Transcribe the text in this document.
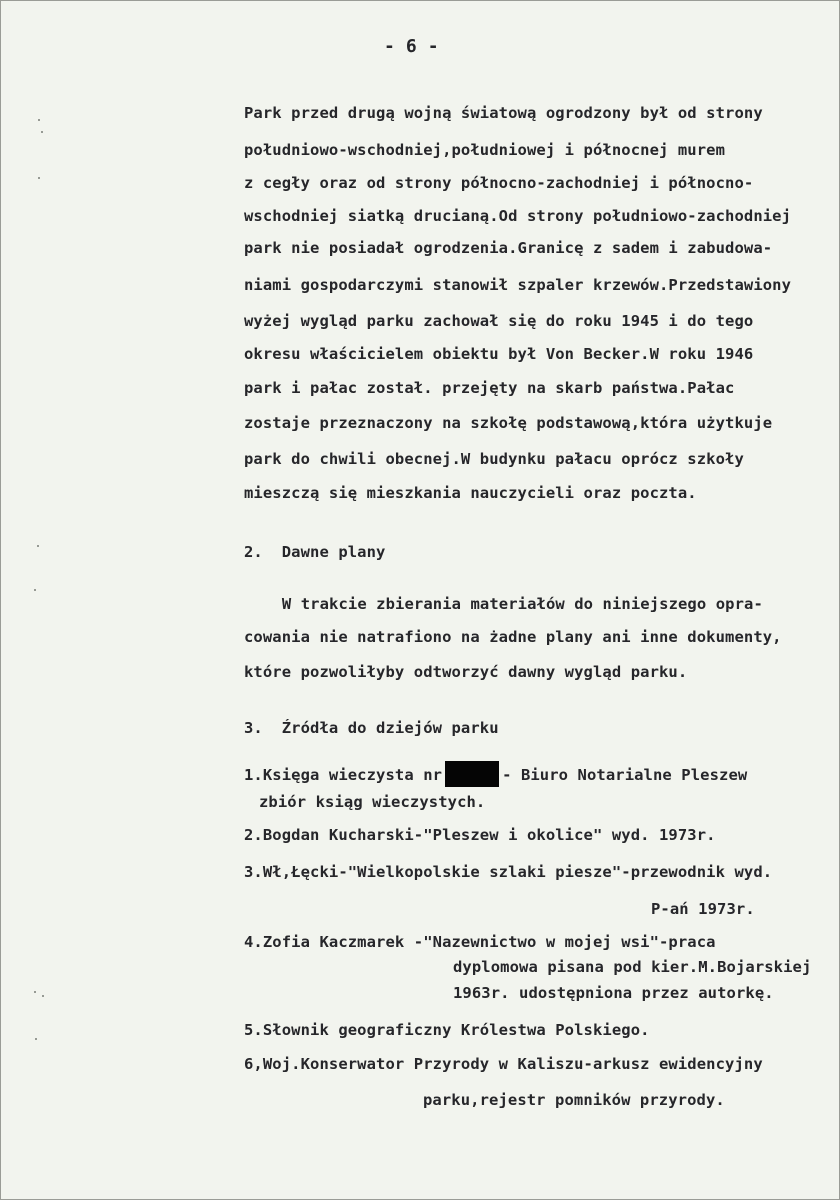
- 6 -
Park przed drugą wojną światową ogrodzony był od strony
południowo-wschodniej,południowej i północnej murem
z cegły oraz od strony północno-zachodniej i północno-
wschodniej siatką drucianą.Od strony południowo-zachodniej
park nie posiadał ogrodzenia.Granicę z sadem i zabudowa-
niami gospodarczymi stanowił szpaler krzewów.Przedstawiony
wyżej wygląd parku zachował się do roku 1945 i do tego
okresu właścicielem obiektu był Von Becker.W roku 1946
park i pałac został. przejęty na skarb państwa.Pałac
zostaje przeznaczony na szkołę podstawową,która użytkuje
park do chwili obecnej.W budynku pałacu oprócz szkoły
mieszczą się mieszkania nauczycieli oraz poczta.
2.  Dawne plany
W trakcie zbierania materiałów do niniejszego opra-
cowania nie natrafiono na żadne plany ani inne dokumenty,
które pozwoliłyby odtworzyć dawny wygląd parku.
3.  Źródła do dziejów parku
1.Księga wieczysta nr	- Biuro Notarialne Pleszew
zbiór ksiąg wieczystych.
2.Bogdan Kucharski-"Pleszew i okolice" wyd. 1973r.
3.Wł,Łęcki-"Wielkopolskie szlaki piesze"-przewodnik wyd.
P-ań 1973r.
4.Zofia Kaczmarek -"Nazewnictwo w mojej wsi"-praca
dyplomowa pisana pod kier.M.Bojarskiej
1963r. udostępniona przez autorkę.
5.Słownik geograficzny Królestwa Polskiego.
6,Woj.Konserwator Przyrody w Kaliszu-arkusz ewidencyjny
parku,rejestr pomników przyrody.
